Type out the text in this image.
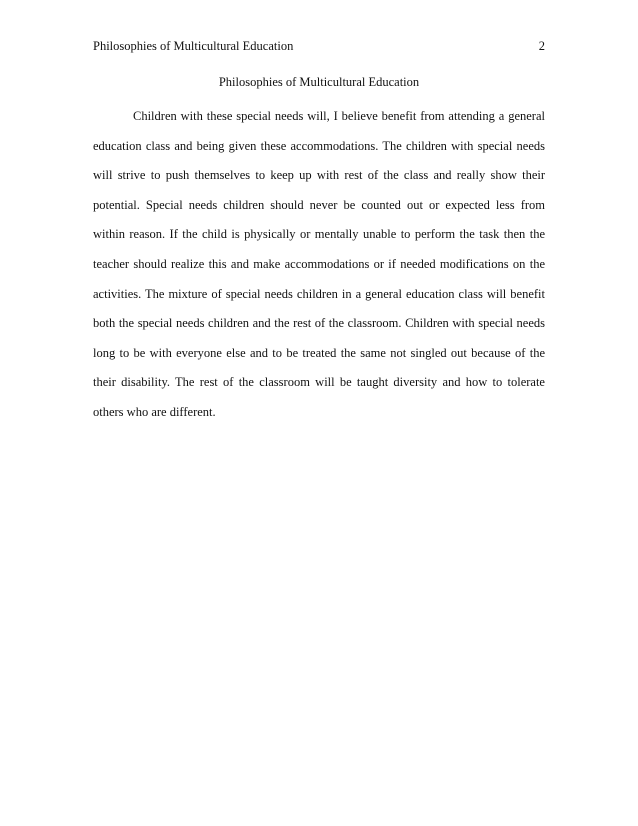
Philosophies of Multicultural Education	2
Philosophies of Multicultural Education
Children with these special needs will, I believe benefit from attending a general
education class and being given these accommodations. The children with special needs
will strive to push themselves to keep up with rest of the class and really show their
potential. Special needs children should never be counted out or expected less from
within reason. If the child is physically or mentally unable to perform the task then the
teacher should realize this and make accommodations or if needed modifications on the
activities. The mixture of special needs children in a general education class will benefit
both the special needs children and the rest of the classroom. Children with special needs
long to be with everyone else and to be treated the same not singled out because of the
their disability. The rest of the classroom will be taught diversity and how to tolerate
others who are different.
